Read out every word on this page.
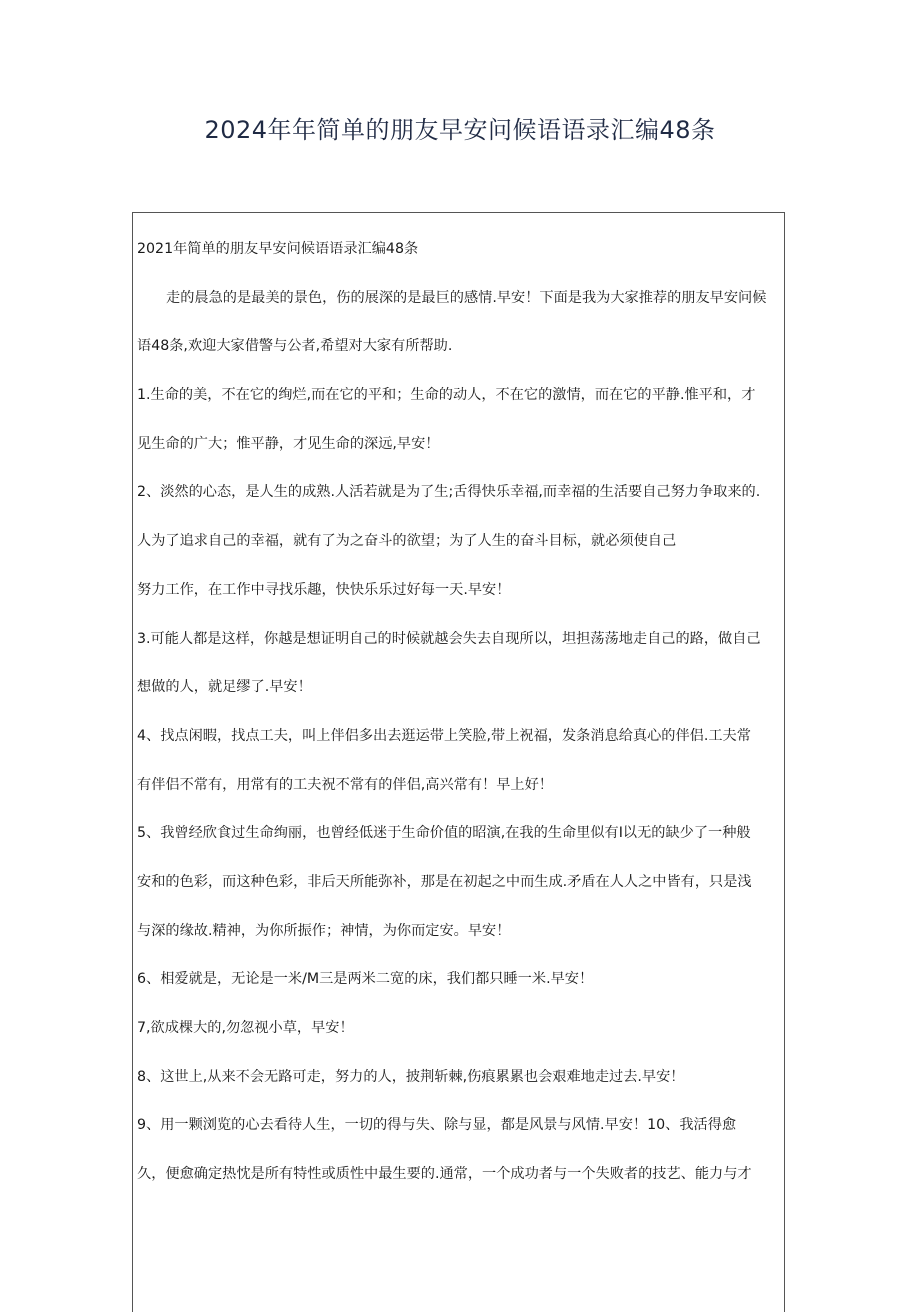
2024年年简单的朋友早安问候语语录汇编48条
2021年简单的朋友早安问候语语录汇编48条
走的晨急的是最美的景色，伤的展深的是最巨的感情.早安！下面是我为大家推荐的朋友早安问候
语48条,欢迎大家借警与公者,希望对大家有所帮助.
1.生命的美，不在它的绚烂,而在它的平和；生命的动人，不在它的激情，而在它的平静.惟平和，才
见生命的广大；惟平静，才见生命的深远,早安！
2、淡然的心态，是人生的成熟.人活若就是为了生;舌得快乐幸福,而幸福的生活要自己努力争取来的.
人为了追求自己的幸福，就有了为之奋斗的欲望；为了人生的奋斗目标，就必须使自己
努力工作，在工作中寻找乐趣，快快乐乐过好每一天.早安！
3.可能人都是这样，你越是想证明自己的时候就越会失去自现所以，坦担荡荡地走自己的路，做自己
想做的人，就足缪了.早安！
4、找点闲暇，找点工夫，叫上伴侣多出去逛运带上笑脸,带上祝福，发条消息给真心的伴侣.工夫常
有伴侣不常有，用常有的工夫祝不常有的伴侣,高兴常有！早上好！
5、我曾经欣食过生命绚丽，也曾经低迷于生命价值的昭演,在我的生命里似有I以无的缺少了一种般
安和的色彩，而这种色彩，非后天所能弥补，那是在初起之中而生成.矛盾在人人之中皆有，只是浅
与深的缘故.精神，为你所振作；神情，为你而定安。早安！
6、相爱就是，无论是一米/M三是两米二宽的床，我们都只睡一米.早安！
7,欲成棵大的,勿忽视小草，早安！
8、这世上,从来不会无路可走，努力的人，披荆斩棘,伤痕累累也会艰难地走过去.早安！
9、用一颗浏览的心去看待人生，一切的得与失、除与显，都是风景与风情.早安！10、我活得愈
久，便愈确定热忱是所有特性或质性中最生要的.通常，一个成功者与一个失败者的技艺、能力与才
